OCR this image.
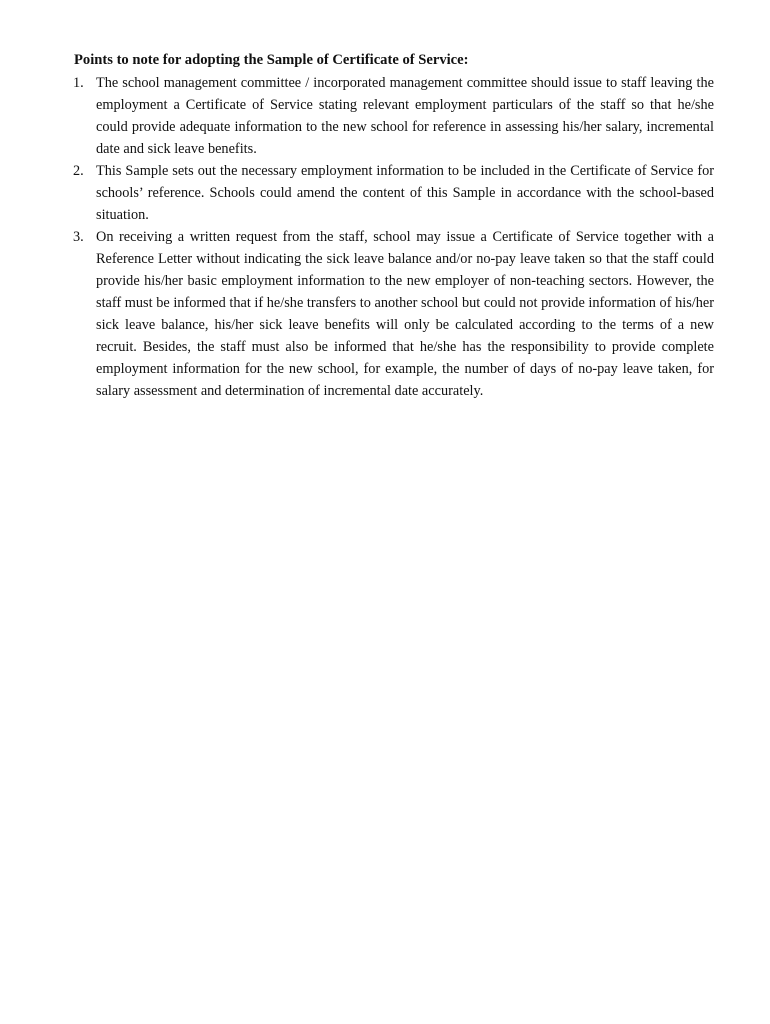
Points to note for adopting the Sample of Certificate of Service:
1. The school management committee / incorporated management committee should issue to staff leaving the employment a Certificate of Service stating relevant employment particulars of the staff so that he/she could provide adequate information to the new school for reference in assessing his/her salary, incremental date and sick leave benefits.
2. This Sample sets out the necessary employment information to be included in the Certificate of Service for schools’ reference. Schools could amend the content of this Sample in accordance with the school-based situation.
3. On receiving a written request from the staff, school may issue a Certificate of Service together with a Reference Letter without indicating the sick leave balance and/or no-pay leave taken so that the staff could provide his/her basic employment information to the new employer of non-teaching sectors. However, the staff must be informed that if he/she transfers to another school but could not provide information of his/her sick leave balance, his/her sick leave benefits will only be calculated according to the terms of a new recruit. Besides, the staff must also be informed that he/she has the responsibility to provide complete employment information for the new school, for example, the number of days of no-pay leave taken, for salary assessment and determination of incremental date accurately.
